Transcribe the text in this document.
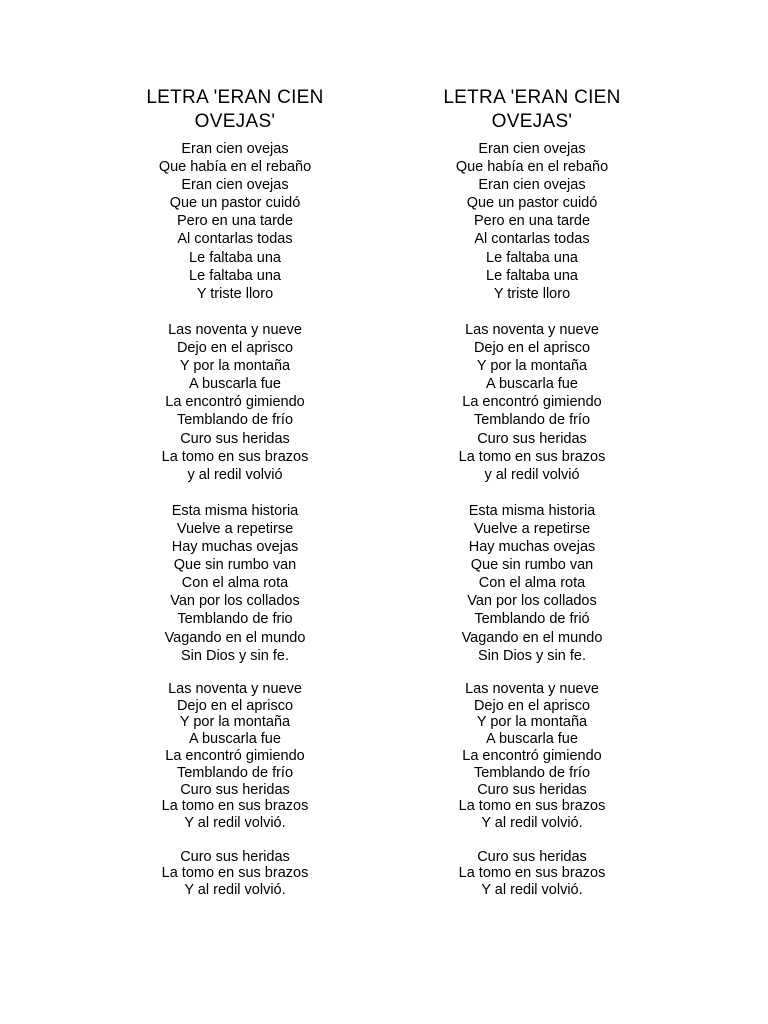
LETRA 'ERAN CIEN
OVEJAS'
Eran cien ovejas
Que había en el rebaño
Eran cien ovejas
Que un pastor cuidó
Pero en una tarde
Al contarlas todas
Le faltaba una
Le faltaba una
Y triste lloro
Las noventa y nueve
Dejo en el aprisco
Y por la montaña
A buscarla fue
La encontró gimiendo
Temblando de frío
Curo sus heridas
La tomo en sus brazos
y al redil volvió
Esta misma historia
Vuelve a repetirse
Hay muchas ovejas
Que sin rumbo van
Con el alma rota
Van por los collados
Temblando de frio
Vagando en el mundo
Sin Dios y sin fe.
Las noventa y nueve
Dejo en el aprisco
Y por la montaña
A buscarla fue
La encontró gimiendo
Temblando de frío
Curo sus heridas
La tomo en sus brazos
Y al redil volvió.
Curo sus heridas
La tomo en sus brazos
Y al redil volvió.
LETRA 'ERAN CIEN
OVEJAS'
Eran cien ovejas
Que había en el rebaño
Eran cien ovejas
Que un pastor cuidó
Pero en una tarde
Al contarlas todas
Le faltaba una
Le faltaba una
Y triste lloro
Las noventa y nueve
Dejo en el aprisco
Y por la montaña
A buscarla fue
La encontró gimiendo
Temblando de frío
Curo sus heridas
La tomo en sus brazos
y al redil volvió
Esta misma historia
Vuelve a repetirse
Hay muchas ovejas
Que sin rumbo van
Con el alma rota
Van por los collados
Temblando de frió
Vagando en el mundo
Sin Dios y sin fe.
Las noventa y nueve
Dejo en el aprisco
Y por la montaña
A buscarla fue
La encontró gimiendo
Temblando de frío
Curo sus heridas
La tomo en sus brazos
Y al redil volvió.
Curo sus heridas
La tomo en sus brazos
Y al redil volvió.
